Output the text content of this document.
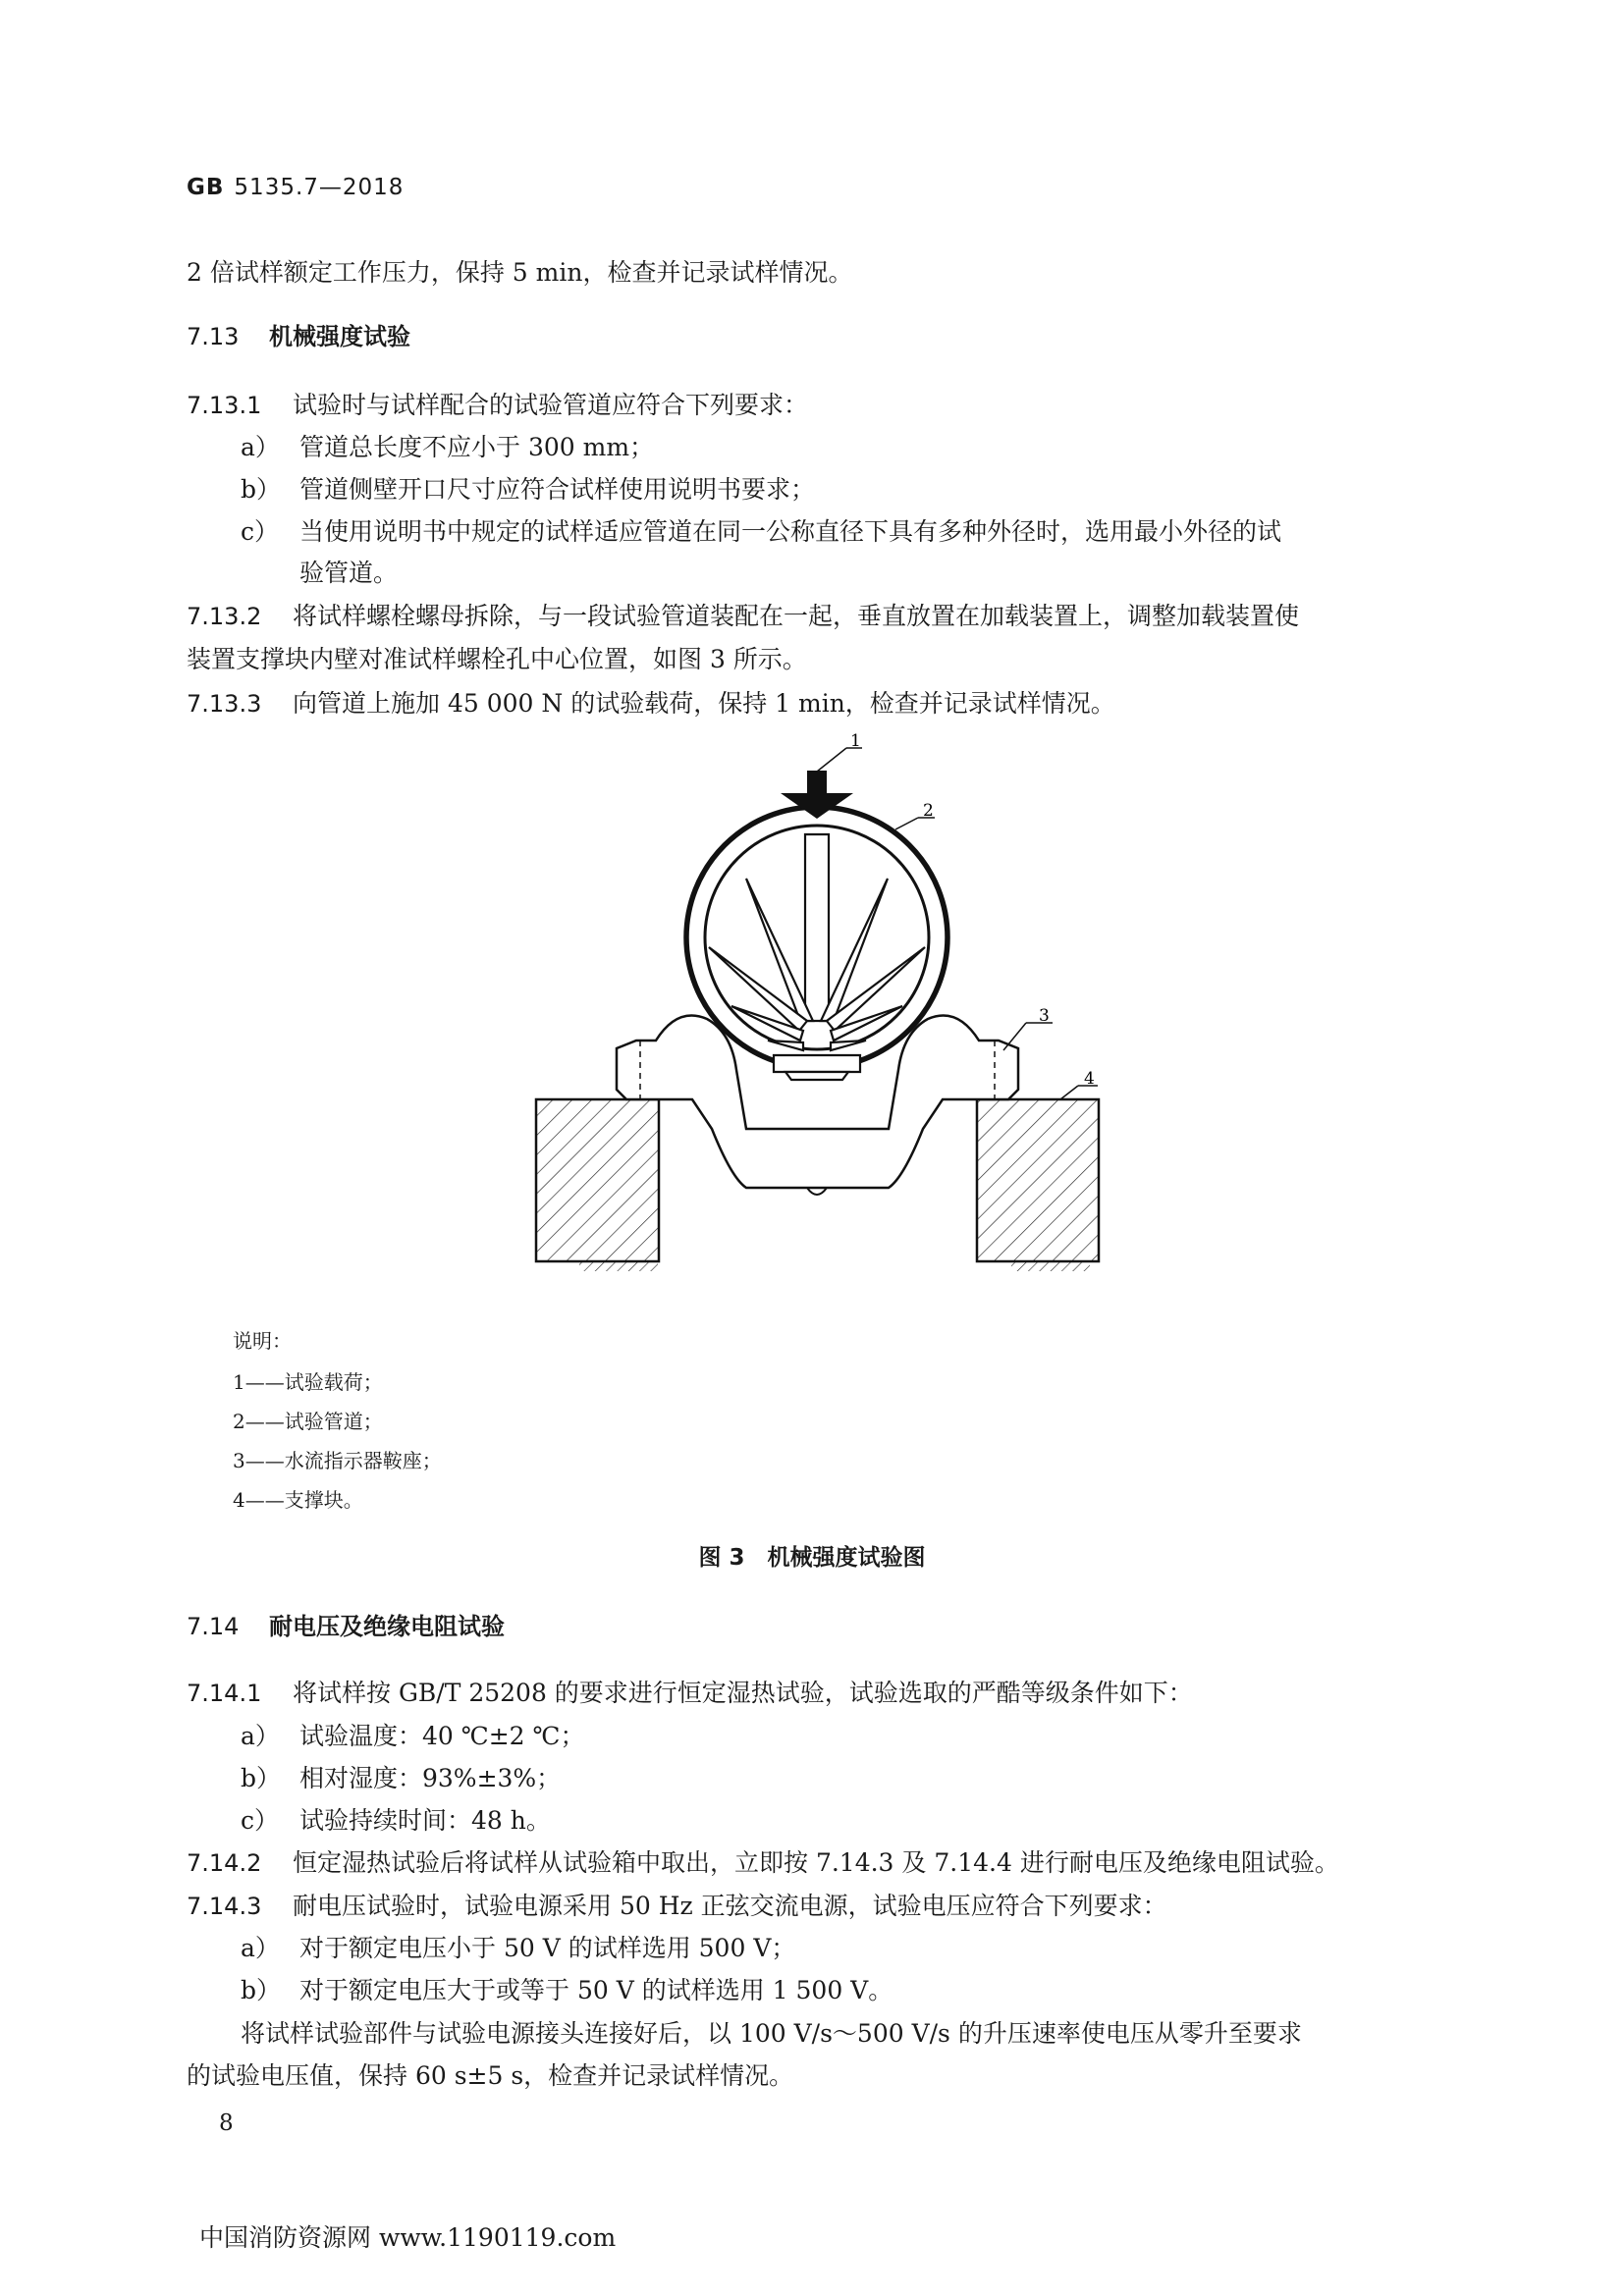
GB 5135.7—2018
2 倍试样额定工作压力，保持 5 min，检查并记录试样情况。
7.13 机械强度试验
7.13.1 试验时与试样配合的试验管道应符合下列要求：
a） 管道总长度不应小于 300 mm；
b） 管道侧壁开口尺寸应符合试样使用说明书要求；
c） 当使用说明书中规定的试样适应管道在同一公称直径下具有多种外径时，选用最小外径的试
验管道。
7.13.2 将试样螺栓螺母拆除，与一段试验管道装配在一起，垂直放置在加载装置上，调整加载装置使
装置支撑块内壁对准试样螺栓孔中心位置，如图 3 所示。
7.13.3 向管道上施加 45 000 N 的试验载荷，保持 1 min，检查并记录试样情况。
1
2
3
4
说明：
1——试验载荷；
2——试验管道；
3——水流指示器鞍座；
4——支撑块。
图 3　机械强度试验图
7.14 耐电压及绝缘电阻试验
7.14.1 将试样按 GB/T 25208 的要求进行恒定湿热试验，试验选取的严酷等级条件如下：
a） 试验温度：40 ℃±2 ℃；
b） 相对湿度：93%±3%；
c） 试验持续时间：48 h。
7.14.2 恒定湿热试验后将试样从试验箱中取出，立即按 7.14.3 及 7.14.4 进行耐电压及绝缘电阻试验。
7.14.3 耐电压试验时，试验电源采用 50 Hz 正弦交流电源，试验电压应符合下列要求：
a） 对于额定电压小于 50 V 的试样选用 500 V；
b） 对于额定电压大于或等于 50 V 的试样选用 1 500 V。
将试样试验部件与试验电源接头连接好后，以 100 V/s～500 V/s 的升压速率使电压从零升至要求
的试验电压值，保持 60 s±5 s，检查并记录试样情况。
8
中国消防资源网 www.1190119.com
